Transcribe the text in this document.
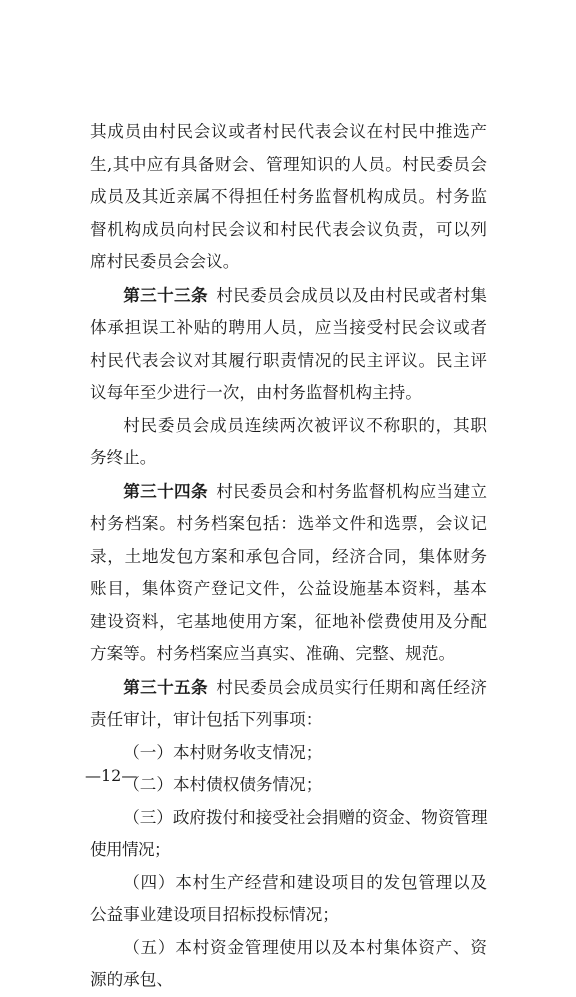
其成员由村民会议或者村民代表会议在村民中推选产生,其中应有具备财会、管理知识的人员。村民委员会成员及其近亲属不得担任村务监督机构成员。村务监督机构成员向村民会议和村民代表会议负责，可以列席村民委员会会议。

第三十三条 村民委员会成员以及由村民或者村集体承担误工补贴的聘用人员，应当接受村民会议或者村民代表会议对其履行职责情况的民主评议。民主评议每年至少进行一次，由村务监督机构主持。

村民委员会成员连续两次被评议不称职的，其职务终止。

第三十四条 村民委员会和村务监督机构应当建立村务档案。村务档案包括：选举文件和选票，会议记录，土地发包方案和承包合同，经济合同，集体财务账目，集体资产登记文件，公益设施基本资料，基本建设资料，宅基地使用方案，征地补偿费使用及分配方案等。村务档案应当真实、准确、完整、规范。

第三十五条 村民委员会成员实行任期和离任经济责任审计，审计包括下列事项：

（一）本村财务收支情况；

（二）本村债权债务情况；

（三）政府拨付和接受社会捐赠的资金、物资管理使用情况；

（四）本村生产经营和建设项目的发包管理以及公益事业建设项目招标投标情况；

（五）本村资金管理使用以及本村集体资产、资源的承包、

—12—
